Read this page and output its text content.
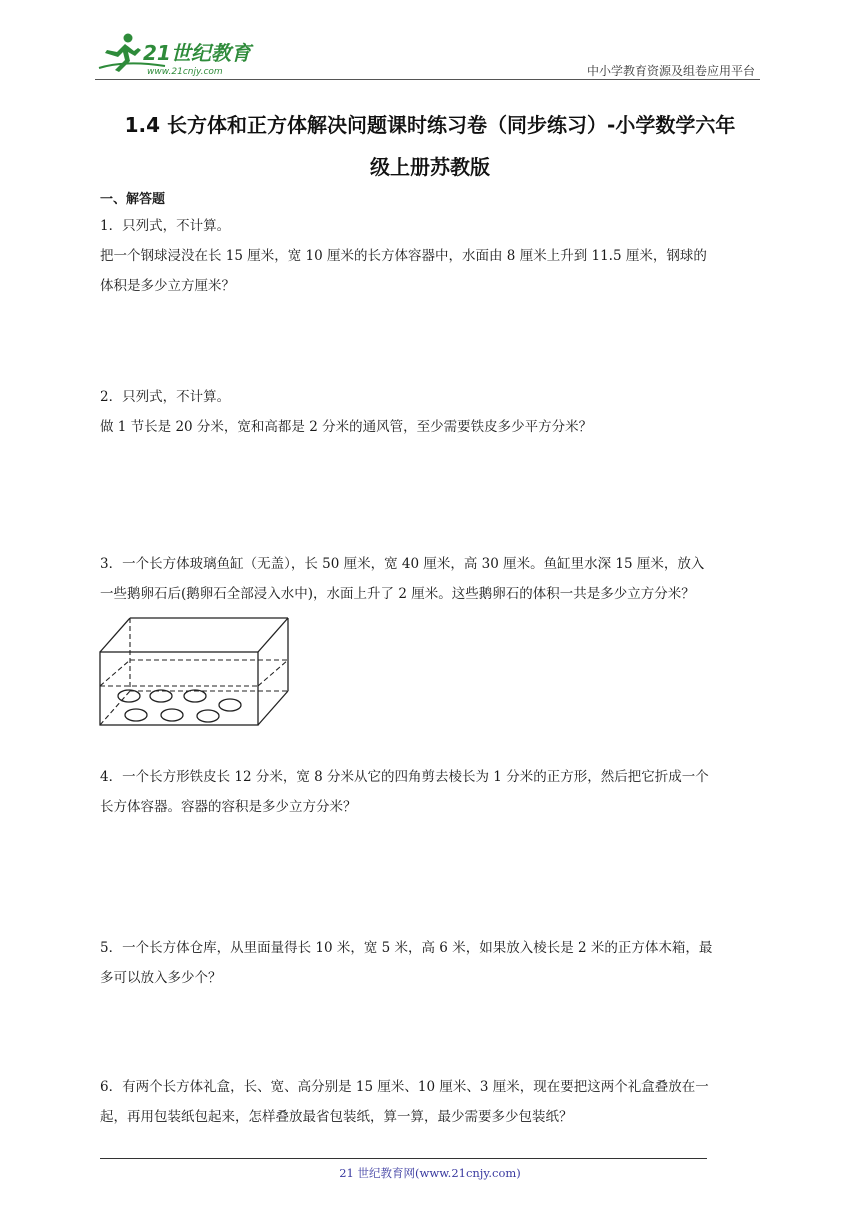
21世纪教育
www.21cnjy.com	中小学教育资源及组卷应用平台
1.4 长方体和正方体解决问题课时练习卷（同步练习）-小学数学六年
级上册苏教版
一、解答题
1．只列式，不计算。
把一个钢球浸没在长 15 厘米，宽 10 厘米的长方体容器中，水面由 8 厘米上升到 11.5 厘米，钢球的
体积是多少立方厘米？
2．只列式，不计算。
做 1 节长是 20 分米，宽和高都是 2 分米的通风管，至少需要铁皮多少平方分米？
3．一个长方体玻璃鱼缸（无盖），长 50 厘米，宽 40 厘米，高 30 厘米。鱼缸里水深 15 厘米，放入
一些鹅卵石后(鹅卵石全部浸入水中)，水面上升了 2 厘米。这些鹅卵石的体积一共是多少立方分米？
4．一个长方形铁皮长 12 分米，宽 8 分米从它的四角剪去棱长为 1 分米的正方形，然后把它折成一个
长方体容器。容器的容积是多少立方分米？
5．一个长方体仓库，从里面量得长 10 米，宽 5 米，高 6 米，如果放入棱长是 2 米的正方体木箱，最
多可以放入多少个？
6．有两个长方体礼盒，长、宽、高分别是 15 厘米、10 厘米、3 厘米，现在要把这两个礼盒叠放在一
起，再用包装纸包起来，怎样叠放最省包装纸，算一算，最少需要多少包装纸？
21 世纪教育网(www.21cnjy.com)
